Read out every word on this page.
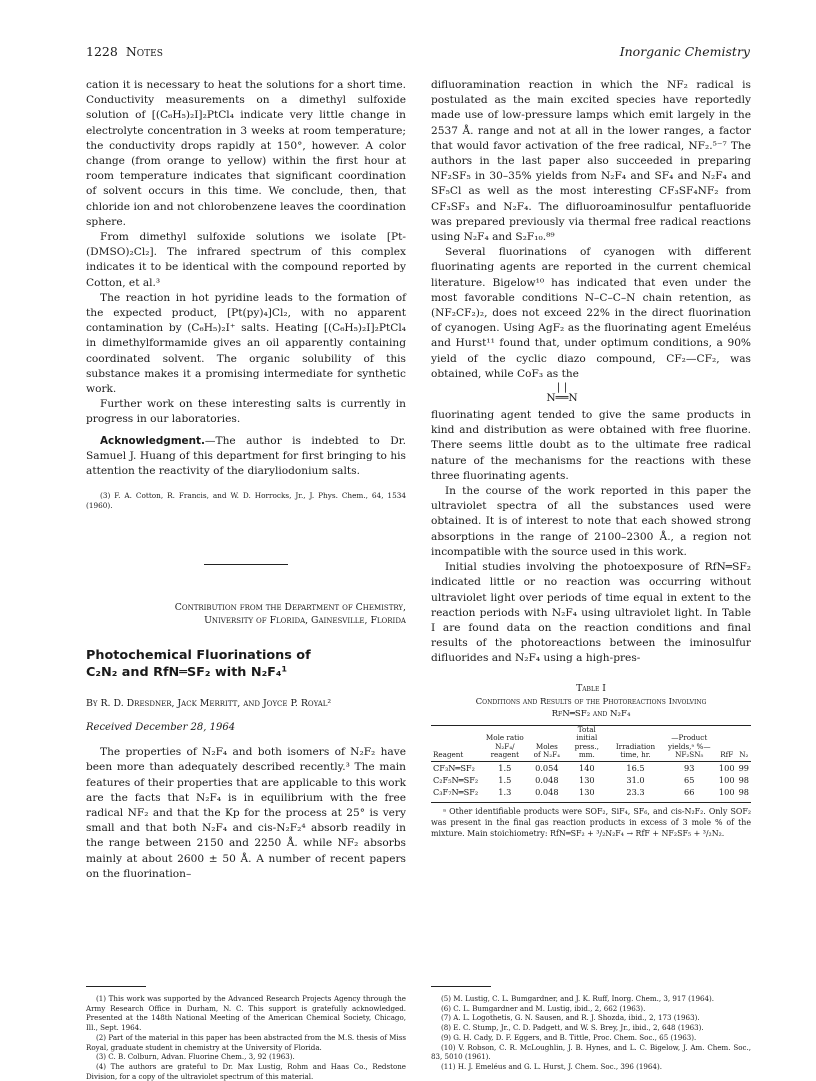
1228 Notes	Inorganic Chemistry

cation it is necessary to heat the solutions for a short time. Conductivity measurements on a dimethyl sulfoxide solution of [(C₆H₅)₂I]₂PtCl₄ indicate very little change in electrolyte concentration in 3 weeks at room temperature; the conductivity drops rapidly at 150°, however. A color change (from orange to yellow) within the first hour at room temperature indicates that significant coordination of solvent occurs in this time. We conclude, then, that chloride ion and not chlorobenzene leaves the coordination sphere.

From dimethyl sulfoxide solutions we isolate [Pt-(DMSO)₂Cl₂]. The infrared spectrum of this complex indicates it to be identical with the compound reported by Cotton, et al.³

The reaction in hot pyridine leads to the formation of the expected product, [Pt(py)₄]Cl₂, with no apparent contamination by (C₆H₅)₂I⁺ salts. Heating [(C₆H₅)₂I]₂PtCl₄ in dimethylformamide gives an oil apparently containing coordinated solvent. The organic solubility of this substance makes it a promising intermediate for synthetic work.

Further work on these interesting salts is currently in progress in our laboratories.

Acknowledgment.—The author is indebted to Dr. Samuel J. Huang of this department for first bringing to his attention the reactivity of the diaryliodonium salts.

(3) F. A. Cotton, R. Francis, and W. D. Horrocks, Jr., J. Phys. Chem., 64, 1534 (1960).
Contribution from the Department of Chemistry,
University of Florida, Gainesville, Florida
Photochemical Fluorinations of
C₂N₂ and RfN═SF₂ with N₂F₄¹
By R. D. Dresdner, Jack Merritt, and Joyce P. Royal²
Received December 28, 1964

The properties of N₂F₄ and both isomers of N₂F₂ have been more than adequately described recently.³ The main features of their properties that are applicable to this work are the facts that N₂F₄ is in equilibrium with the free radical NF₂ and that the Kp for the process at 25° is very small and that both N₂F₄ and cis-N₂F₂⁴ absorb readily in the range between 2150 and 2250 Å. while NF₂ absorbs mainly at about 2600 ± 50 Å. A number of recent papers on the fluorination–

difluoramination reaction in which the NF₂ radical is postulated as the main excited species have reportedly made use of low-pressure lamps which emit largely in the 2537 Å. range and not at all in the lower ranges, a factor that would favor activation of the free radical, NF₂.⁵⁻⁷ The authors in the last paper also succeeded in preparing NF₂SF₅ in 30–35% yields from N₂F₄ and SF₄ and N₂F₄ and SF₅Cl as well as the most interesting CF₃SF₄NF₂ from CF₃SF₃ and N₂F₄. The difluoroaminosulfur pentafluoride was prepared previously via thermal free radical reactions using N₂F₄ and S₂F₁₀.⁸⁹

Several fluorinations of cyanogen with different fluorinating agents are reported in the current chemical literature. Bigelow¹⁰ has indicated that even under the most favorable conditions N–C–C–N chain retention, as (NF₂CF₂)₂, does not exceed 22% in the direct fluorination of cyanogen. Using AgF₂ as the fluorinating agent Emeléus and Hurst¹¹ found that, under optimum conditions, a 90% yield of the cyclic diazo compound, CF₂—CF₂, was obtained, while CoF₃ as the

| |
N══N

fluorinating agent tended to give the same products in kind and distribution as were obtained with free fluorine. There seems little doubt as to the ultimate free radical nature of the mechanisms for the reactions with these three fluorinating agents.

In the course of the work reported in this paper the ultraviolet spectra of all the substances used were obtained. It is of interest to note that each showed strong absorptions in the range of 2100–2300 Å., a region not incompatible with the source used in this work.

Initial studies involving the photoexposure of RfN═SF₂ indicated little or no reaction was occurring without ultraviolet light over periods of time equal in extent to the reaction periods with N₂F₄ using ultraviolet light. In Table I are found data on the reaction conditions and final results of the photoreactions between the iminosulfur difluorides and N₂F₄ using a high-pres-

Table I
Conditions and Results of the Photoreactions Involving
RfN═SF₂ and N₂F₄
Reagent	Mole ratio N₂F₄/ reagent	Moles of N₂F₄	Total initial press., mm.	Irradiation time, hr.	—Product yields,ᵃ %— NF₂SN₅	RfF	N₂
CF₃N═SF₂	1.5	0.054	140	16.5	93	100	99
C₂F₅N═SF₂	1.5	0.048	130	31.0	65	100	98
C₃F₇N═SF₂	1.3	0.048	130	23.3	66	100	98
ᵃ Other identifiable products were SOF₂, SiF₄, SF₆, and cis-N₂F₂. Only SOF₂ was present in the final gas reaction products in excess of 3 mole % of the mixture. Main stoichiometry: RfN═SF₂ + ³/₂N₂F₄ → RfF + NF₂SF₅ + ³/₂N₂.
(1) This work was supported by the Advanced Research Projects Agency through the Army Research Office in Durham, N. C. This support is gratefully acknowledged. Presented at the 148th National Meeting of the American Chemical Society, Chicago, Ill., Sept. 1964.
(2) Part of the material in this paper has been abstracted from the M.S. thesis of Miss Royal, graduate student in chemistry at the University of Florida.
(3) C. B. Colburn, Advan. Fluorine Chem., 3, 92 (1963).
(4) The authors are grateful to Dr. Max Lustig, Rohm and Haas Co., Redstone Division, for a copy of the ultraviolet spectrum of this material.
(5) M. Lustig, C. L. Bumgardner, and J. K. Ruff, Inorg. Chem., 3, 917 (1964).
(6) C. L. Bumgardner and M. Lustig, ibid., 2, 662 (1963).
(7) A. L. Logothetis, G. N. Sausen, and R. J. Shozda, ibid., 2, 173 (1963).
(8) E. C. Stump, Jr., C. D. Padgett, and W. S. Brey, Jr., ibid., 2, 648 (1963).
(9) G. H. Cady, D. F. Eggers, and B. Tittle, Proc. Chem. Soc., 65 (1963).
(10) V. Robson, C. R. McLoughlin, J. B. Hynes, and L. C. Bigelow, J. Am. Chem. Soc., 83, 5010 (1961).
(11) H. J. Emeléus and G. L. Hurst, J. Chem. Soc., 396 (1964).
